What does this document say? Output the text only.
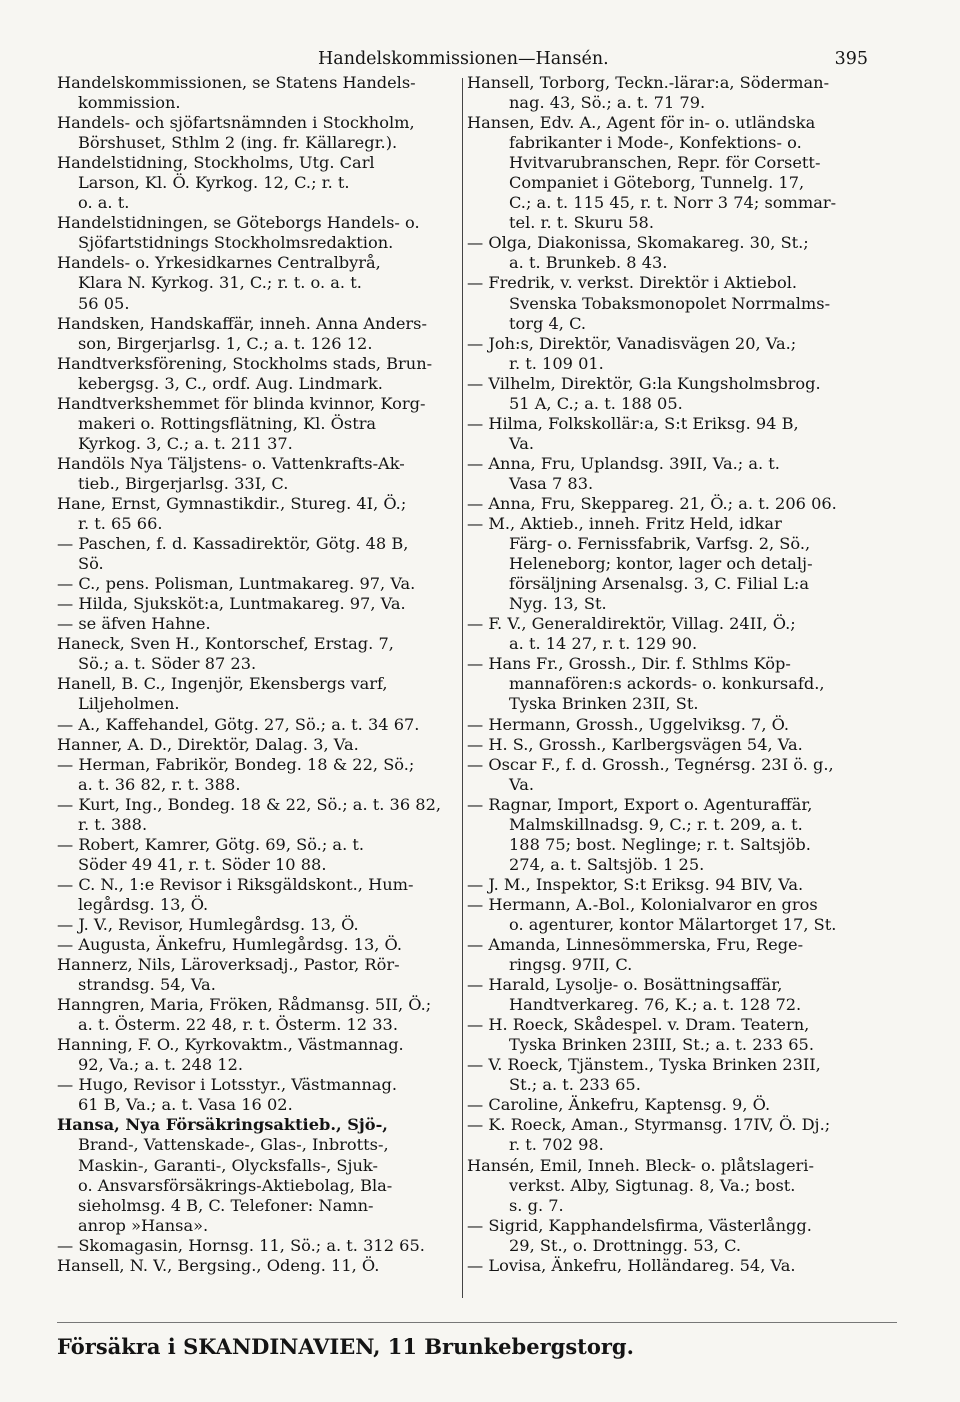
Handelskommissionen—Hansén.	395
Handelskommissionen, se Statens Handels-
kommission.
Handels- och sjöfartsnämnden i Stockholm,
Börshuset, Sthlm 2 (ing. fr. Källaregr.).
Handelstidning, Stockholms, Utg. Carl
Larson, Kl. Ö. Kyrkog. 12, C.; r. t.
o. a. t.
Handelstidningen, se Göteborgs Handels- o.
Sjöfartstidnings Stockholmsredaktion.
Handels- o. Yrkesidkarnes Centralbyrå,
Klara N. Kyrkog. 31, C.; r. t. o. a. t.
56 05.
Handsken, Handskaffär, inneh. Anna Anders-
son, Birgerjarlsg. 1, C.; a. t. 126 12.
Handtverksförening, Stockholms stads, Brun-
kebergsg. 3, C., ordf. Aug. Lindmark.
Handtverkshemmet för blinda kvinnor, Korg-
makeri o. Rottingsflätning, Kl. Östra
Kyrkog. 3, C.; a. t. 211 37.
Handöls Nya Täljstens- o. Vattenkrafts-Ak-
tieb., Birgerjarlsg. 33I, C.
Hane, Ernst, Gymnastikdir., Stureg. 4I, Ö.;
r. t. 65 66.
— Paschen, f. d. Kassadirektör, Götg. 48 B,
Sö.
— C., pens. Polisman, Luntmakareg. 97, Va.
— Hilda, Sjuksköt:a, Luntmakareg. 97, Va.
— se äfven Hahne.
Haneck, Sven H., Kontorschef, Erstag. 7,
Sö.; a. t. Söder 87 23.
Hanell, B. C., Ingenjör, Ekensbergs varf,
Liljeholmen.
— A., Kaffehandel, Götg. 27, Sö.; a. t. 34 67.
Hanner, A. D., Direktör, Dalag. 3, Va.
— Herman, Fabrikör, Bondeg. 18 & 22, Sö.;
a. t. 36 82, r. t. 388.
— Kurt, Ing., Bondeg. 18 & 22, Sö.; a. t. 36 82,
r. t. 388.
— Robert, Kamrer, Götg. 69, Sö.; a. t.
Söder 49 41, r. t. Söder 10 88.
— C. N., 1:e Revisor i Riksgäldskont., Hum-
legårdsg. 13, Ö.
— J. V., Revisor, Humlegårdsg. 13, Ö.
— Augusta, Änkefru, Humlegårdsg. 13, Ö.
Hannerz, Nils, Läroverksadj., Pastor, Rör-
strandsg. 54, Va.
Hanngren, Maria, Fröken, Rådmansg. 5II, Ö.;
a. t. Österm. 22 48, r. t. Österm. 12 33.
Hanning, F. O., Kyrkovaktm., Västmannag.
92, Va.; a. t. 248 12.
— Hugo, Revisor i Lotsstyr., Västmannag.
61 B, Va.; a. t. Vasa 16 02.
Hansa, Nya Försäkringsaktieb., Sjö-,
Brand-, Vattenskade-, Glas-, Inbrotts-,
Maskin-, Garanti-, Olycksfalls-, Sjuk-
o. Ansvarsförsäkrings-Aktiebolag, Bla-
sieholmsg. 4 B, C. Telefoner: Namn-
anrop »Hansa».
— Skomagasin, Hornsg. 11, Sö.; a. t. 312 65.
Hansell, N. V., Bergsing., Odeng. 11, Ö.
Hansell, Torborg, Teckn.-lärar:a, Söderman-
nag. 43, Sö.; a. t. 71 79.
Hansen, Edv. A., Agent för in- o. utländska
fabrikanter i Mode-, Konfektions- o.
Hvitvarubranschen, Repr. för Corsett-
Companiet i Göteborg, Tunnelg. 17,
C.; a. t. 115 45, r. t. Norr 3 74; sommar-
tel. r. t. Skuru 58.
— Olga, Diakonissa, Skomakareg. 30, St.;
a. t. Brunkeb. 8 43.
— Fredrik, v. verkst. Direktör i Aktiebol.
Svenska Tobaksmonopolet Norrmalms-
torg 4, C.
— Joh:s, Direktör, Vanadisvägen 20, Va.;
r. t. 109 01.
— Vilhelm, Direktör, G:la Kungsholmsbrog.
51 A, C.; a. t. 188 05.
— Hilma, Folkskollär:a, S:t Eriksg. 94 B,
Va.
— Anna, Fru, Uplandsg. 39II, Va.; a. t.
Vasa 7 83.
— Anna, Fru, Skeppareg. 21, Ö.; a. t. 206 06.
— M., Aktieb., inneh. Fritz Held, idkar
Färg- o. Fernissfabrik, Varfsg. 2, Sö.,
Heleneborg; kontor, lager och detalj-
försäljning Arsenalsg. 3, C. Filial L:a
Nyg. 13, St.
— F. V., Generaldirektör, Villag. 24II, Ö.;
a. t. 14 27, r. t. 129 90.
— Hans Fr., Grossh., Dir. f. Sthlms Köp-
mannafören:s ackords- o. konkursafd.,
Tyska Brinken 23II, St.
— Hermann, Grossh., Uggelviksg. 7, Ö.
— H. S., Grossh., Karlbergsvägen 54, Va.
— Oscar F., f. d. Grossh., Tegnérsg. 23I ö. g.,
Va.
— Ragnar, Import, Export o. Agenturaffär,
Malmskillnadsg. 9, C.; r. t. 209, a. t.
188 75; bost. Neglinge; r. t. Saltsjöb.
274, a. t. Saltsjöb. 1 25.
— J. M., Inspektor, S:t Eriksg. 94 BIV, Va.
— Hermann, A.-Bol., Kolonialvaror en gros
o. agenturer, kontor Mälartorget 17, St.
— Amanda, Linnesömmerska, Fru, Rege-
ringsg. 97II, C.
— Harald, Lysolje- o. Bosättningsaffär,
Handtverkareg. 76, K.; a. t. 128 72.
— H. Roeck, Skådespel. v. Dram. Teatern,
Tyska Brinken 23III, St.; a. t. 233 65.
— V. Roeck, Tjänstem., Tyska Brinken 23II,
St.; a. t. 233 65.
— Caroline, Änkefru, Kaptensg. 9, Ö.
— K. Roeck, Aman., Styrmansg. 17IV, Ö. Dj.;
r. t. 702 98.
Hansén, Emil, Inneh. Bleck- o. plåtslageri-
verkst. Alby, Sigtunag. 8, Va.; bost.
s. g. 7.
— Sigrid, Kapphandelsfirma, Västerlångg.
29, St., o. Drottningg. 53, C.
— Lovisa, Änkefru, Holländareg. 54, Va.
Försäkra i SKANDINAVIEN, 11 Brunkebergstorg.
